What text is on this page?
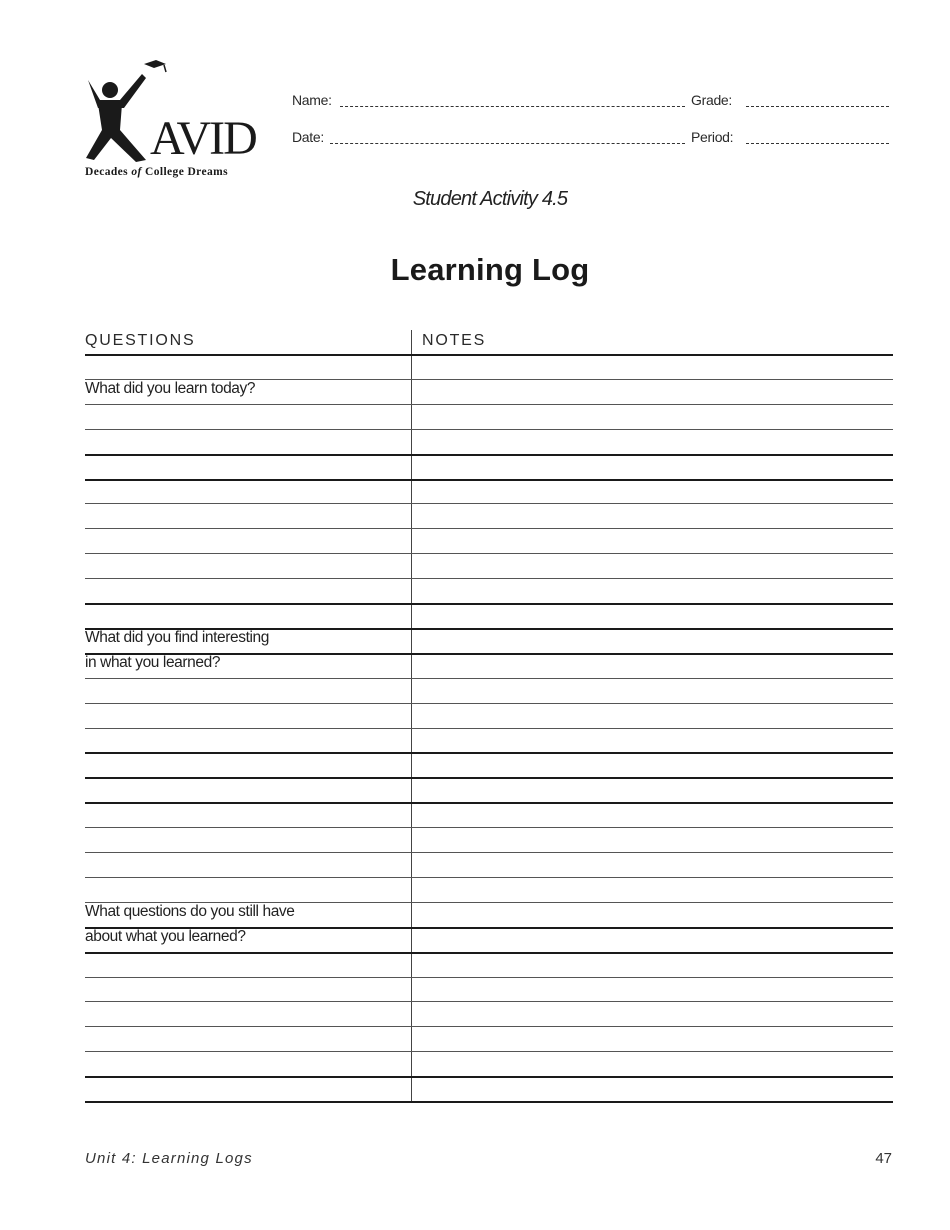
AVID
Decades of College Dreams
Name:	Grade:
Date:	Period:
Student Activity 4.5
Learning Log
QUESTIONS	NOTES
What did you learn today?
What did you find interesting
in what you learned?
What questions do you still have
about what you learned?
Unit 4: Learning Logs	47
